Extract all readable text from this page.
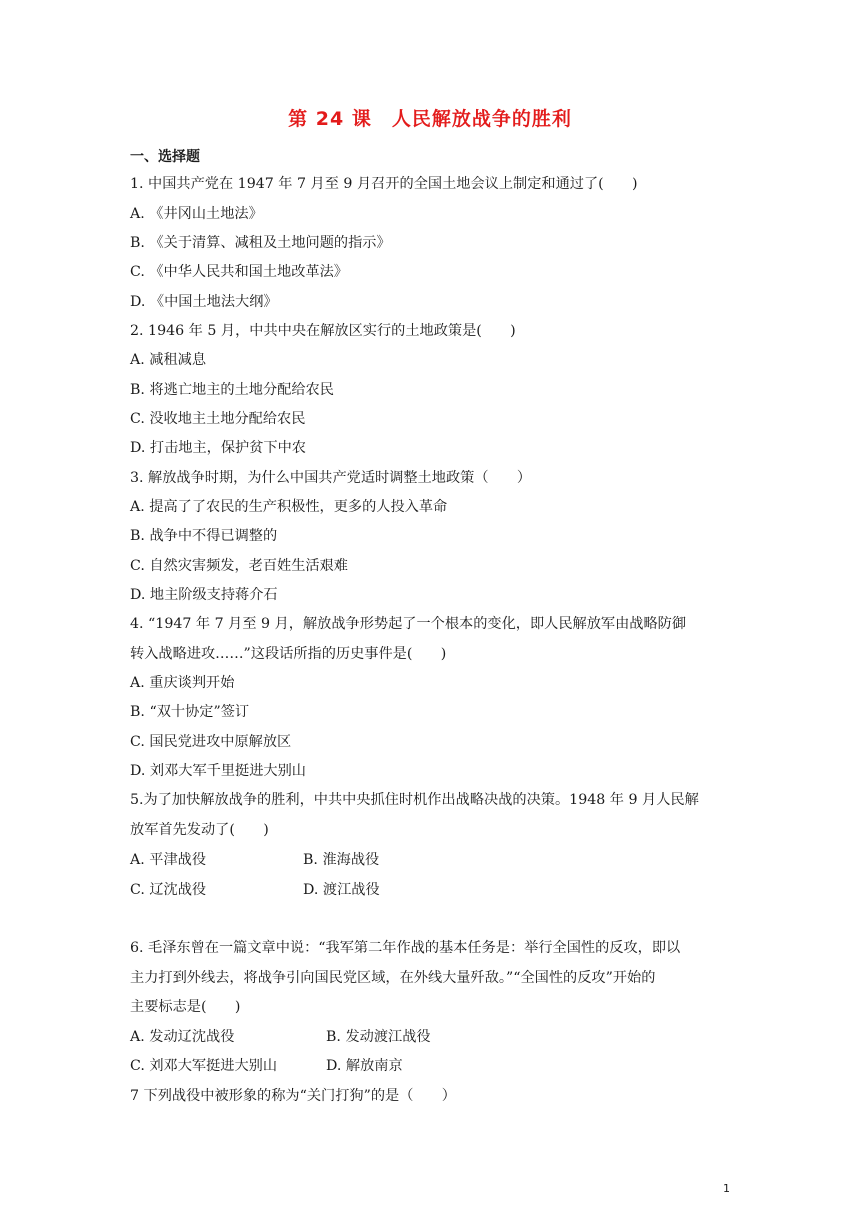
第 24 课　人民解放战争的胜利
一、选择题
1. 中国共产党在 1947 年 7 月至 9 月召开的全国土地会议上制定和通过了(　　)
A. 《井冈山土地法》
B. 《关于清算、减租及土地问题的指示》
C. 《中华人民共和国土地改革法》
D. 《中国土地法大纲》
2. 1946 年 5 月，中共中央在解放区实行的土地政策是(　　)
A. 减租减息
B. 将逃亡地主的土地分配给农民
C. 没收地主土地分配给农民
D. 打击地主，保护贫下中农
3. 解放战争时期，为什么中国共产党适时调整土地政策（　　）
A. 提高了了农民的生产积极性，更多的人投入革命
B. 战争中不得已调整的
C. 自然灾害频发，老百姓生活艰难
D. 地主阶级支持蒋介石
4. “1947 年 7 月至 9 月，解放战争形势起了一个根本的变化，即人民解放军由战略防御
转入战略进攻……”这段话所指的历史事件是(　　)
A. 重庆谈判开始
B. “双十协定”签订
C. 国民党进攻中原解放区
D. 刘邓大军千里挺进大别山
5.为了加快解放战争的胜利，中共中央抓住时机作出战略决战的决策。1948 年 9 月人民解
放军首先发动了(　　)
A. 平津战役	B. 淮海战役
C. 辽沈战役	D. 渡江战役
6. 毛泽东曾在一篇文章中说：“我军第二年作战的基本任务是：举行全国性的反攻，即以
主力打到外线去，将战争引向国民党区域，在外线大量歼敌。”“全国性的反攻”开始的
主要标志是(　　)
A. 发动辽沈战役	B. 发动渡江战役
C. 刘邓大军挺进大别山	D. 解放南京
7 下列战役中被形象的称为“关门打狗”的是（　　）
1
